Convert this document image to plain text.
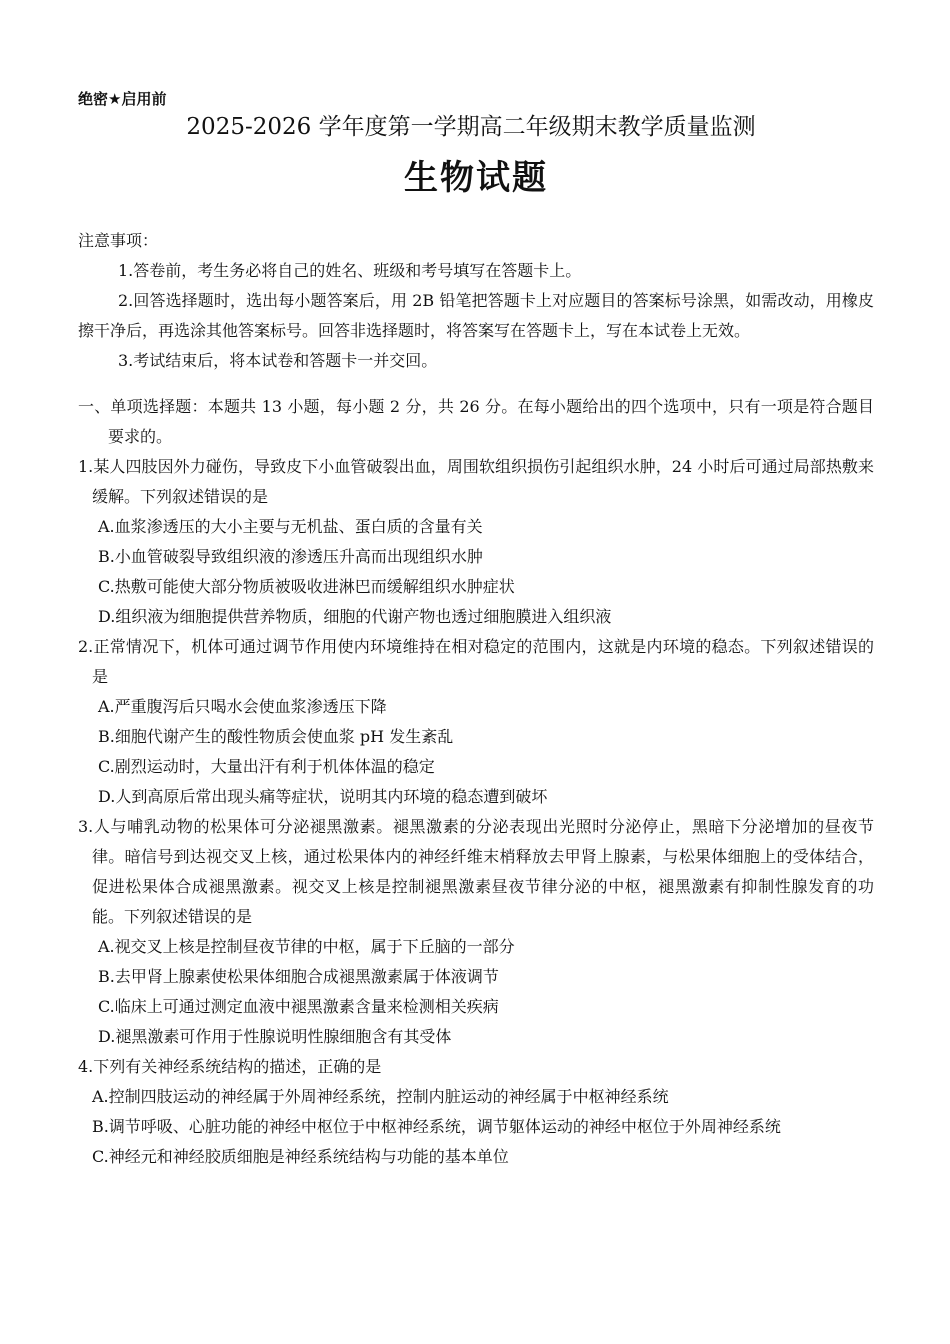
绝密★启用前
2025-2026 学年度第一学期高二年级期末教学质量监测
生物试题
注意事项：
1.答卷前，考生务必将自己的姓名、班级和考号填写在答题卡上。
2.回答选择题时，选出每小题答案后，用 2B 铅笔把答题卡上对应题目的答案标号涂黑，如需改动，用橡皮擦干净后，再选涂其他答案标号。回答非选择题时，将答案写在答题卡上，写在本试卷上无效。
3.考试结束后，将本试卷和答题卡一并交回。
一、单项选择题：本题共 13 小题，每小题 2 分，共 26 分。在每小题给出的四个选项中，只有一项是符合题目要求的。
1.某人四肢因外力碰伤，导致皮下小血管破裂出血，周围软组织损伤引起组织水肿，24 小时后可通过局部热敷来缓解。下列叙述错误的是
A.血浆渗透压的大小主要与无机盐、蛋白质的含量有关
B.小血管破裂导致组织液的渗透压升高而出现组织水肿
C.热敷可能使大部分物质被吸收进淋巴而缓解组织水肿症状
D.组织液为细胞提供营养物质，细胞的代谢产物也透过细胞膜进入组织液
2.正常情况下，机体可通过调节作用使内环境维持在相对稳定的范围内，这就是内环境的稳态。下列叙述错误的是
A.严重腹泻后只喝水会使血浆渗透压下降
B.细胞代谢产生的酸性物质会使血浆 pH 发生紊乱
C.剧烈运动时，大量出汗有利于机体体温的稳定
D.人到高原后常出现头痛等症状，说明其内环境的稳态遭到破坏
3.人与哺乳动物的松果体可分泌褪黑激素。褪黑激素的分泌表现出光照时分泌停止，黑暗下分泌增加的昼夜节律。暗信号到达视交叉上核，通过松果体内的神经纤维末梢释放去甲肾上腺素，与松果体细胞上的受体结合，促进松果体合成褪黑激素。视交叉上核是控制褪黑激素昼夜节律分泌的中枢，褪黑激素有抑制性腺发育的功能。下列叙述错误的是
A.视交叉上核是控制昼夜节律的中枢，属于下丘脑的一部分
B.去甲肾上腺素使松果体细胞合成褪黑激素属于体液调节
C.临床上可通过测定血液中褪黑激素含量来检测相关疾病
D.褪黑激素可作用于性腺说明性腺细胞含有其受体
4.下列有关神经系统结构的描述，正确的是
A.控制四肢运动的神经属于外周神经系统，控制内脏运动的神经属于中枢神经系统
B.调节呼吸、心脏功能的神经中枢位于中枢神经系统，调节躯体运动的神经中枢位于外周神经系统
C.神经元和神经胶质细胞是神经系统结构与功能的基本单位
